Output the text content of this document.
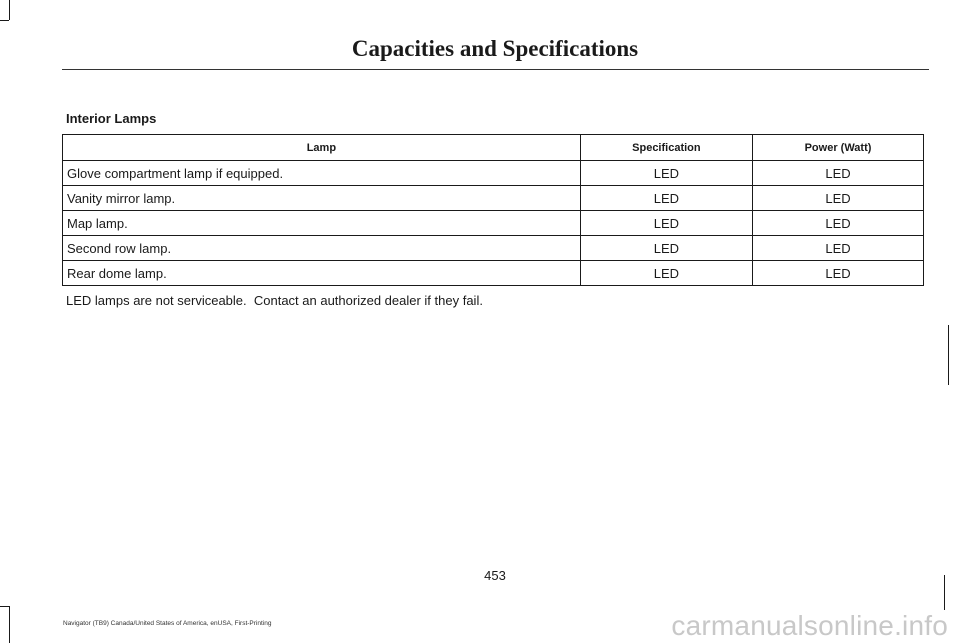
Capacities and Specifications
Interior Lamps
Lamp	Specification	Power (Watt)
Glove compartment lamp if equipped.	LED	LED
Vanity mirror lamp.	LED	LED
Map lamp.	LED	LED
Second row lamp.	LED	LED
Rear dome lamp.	LED	LED

LED lamps are not serviceable.  Contact an authorized dealer if they fail.

453

Navigator (TB9) Canada/United States of America, enUSA, First-Printing	carmanualsonline.info
